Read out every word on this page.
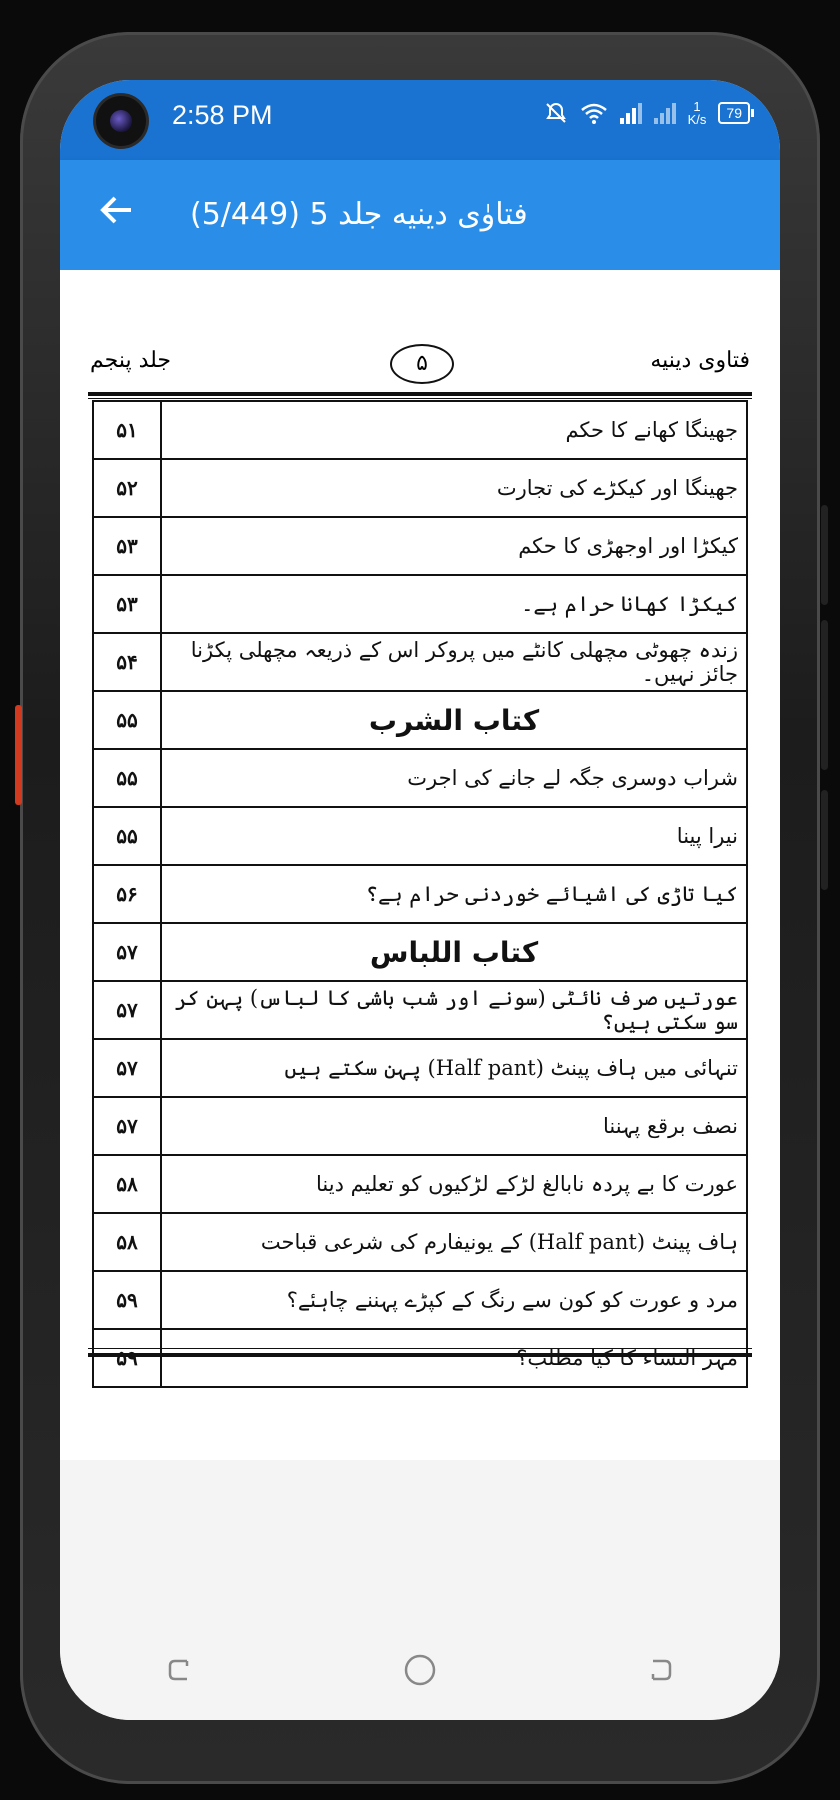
2:58 PM	1
K/s	79
فتاوٰی دینیه جلد 5 (5/449)
جلد پنجم	۵	فتاوی دینیه
جھینگا کھانے کا حکم	۵۱
جھینگا اور کیکڑے کی تجارت	۵۲
کیکڑا اور اوجھڑی کا حکم	۵۳
کیکڑا کھانا حرام ہے۔	۵۳
زندہ چھوٹی مچھلی کانٹے میں پروکر اس کے ذریعہ مچھلی پکڑنا جائز نہیں۔	۵۴
كتاب الشرب	۵۵
شراب دوسری جگہ لے جانے کی اجرت	۵۵
نیرا پینا	۵۵
کیا تاڑی کی اشیائے خوردنی حرام ہے؟	۵۶
كتاب اللباس	۵۷
عورتیں صرف نائٹی (سونے اور شب باشی کا لباس) پہن کر سو سکتی ہیں؟	۵۷
تنہائی میں ہاف پینٹ (Half pant) پہن سکتے ہیں	۵۷
نصف برقع پہننا	۵۷
عورت کا بے پردہ نابالغ لڑکے لڑکیوں کو تعلیم دینا	۵۸
ہاف پینٹ (Half pant) کے یونیفارم کی شرعی قباحت	۵۸
مرد و عورت کو کون سے رنگ کے کپڑے پہننے چاہئے؟	۵۹
مہر النساء کا کیا مطلب؟	۵۹
